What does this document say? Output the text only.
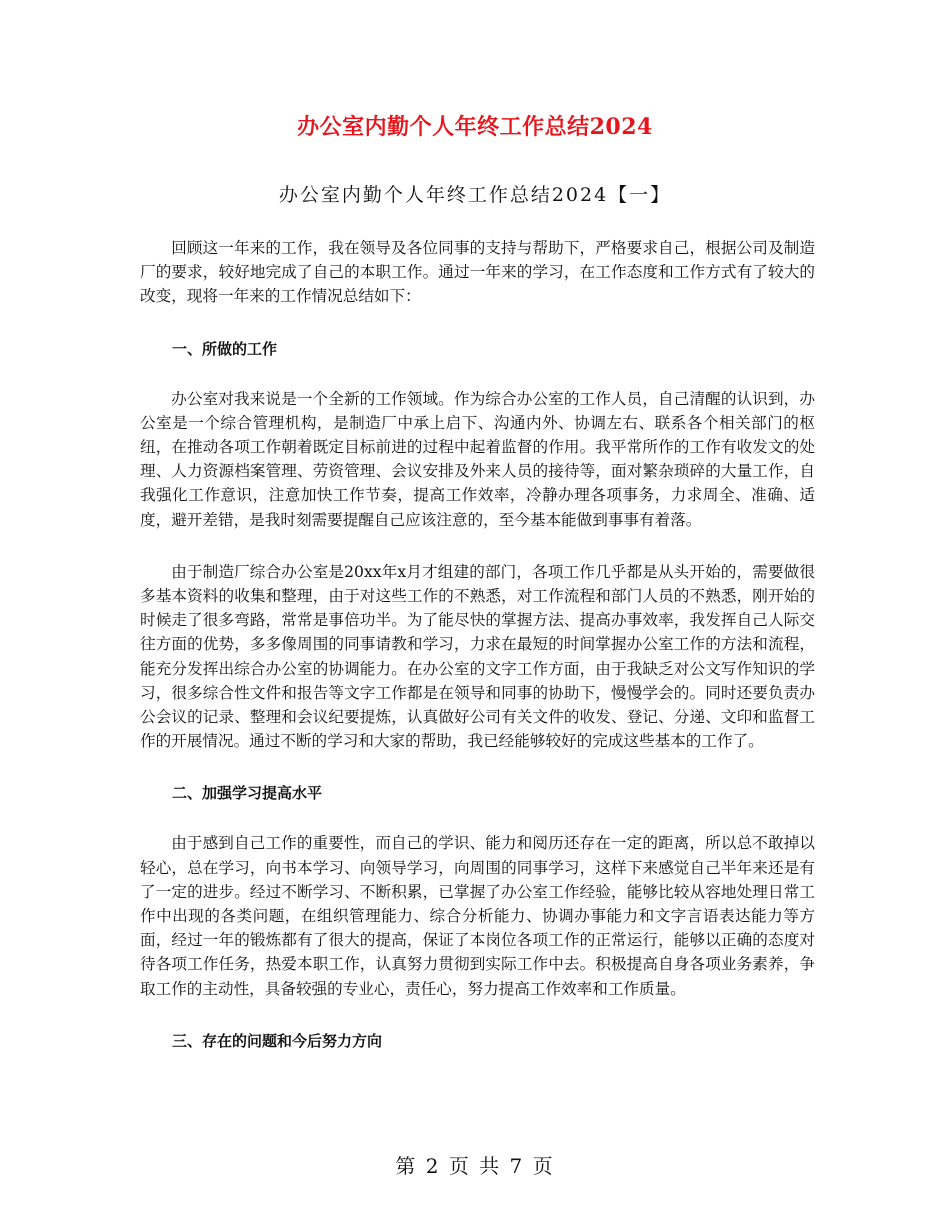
办公室内勤个人年终工作总结2024
办公室内勤个人年终工作总结2024【一】

回顾这一年来的工作，我在领导及各位同事的支持与帮助下，严格要求自己，根据公司及制造厂的要求，较好地完成了自己的本职工作。通过一年来的学习，在工作态度和工作方式有了较大的改变，现将一年来的工作情况总结如下：

一、所做的工作

办公室对我来说是一个全新的工作领域。作为综合办公室的工作人员，自己清醒的认识到，办公室是一个综合管理机构，是制造厂中承上启下、沟通内外、协调左右、联系各个相关部门的枢纽，在推动各项工作朝着既定目标前进的过程中起着监督的作用。我平常所作的工作有收发文的处理、人力资源档案管理、劳资管理、会议安排及外来人员的接待等，面对繁杂琐碎的大量工作，自我强化工作意识，注意加快工作节奏，提高工作效率，冷静办理各项事务，力求周全、准确、适度，避开差错，是我时刻需要提醒自己应该注意的，至今基本能做到事事有着落。

由于制造厂综合办公室是20xx年x月才组建的部门，各项工作几乎都是从头开始的，需要做很多基本资料的收集和整理，由于对这些工作的不熟悉，对工作流程和部门人员的不熟悉，刚开始的时候走了很多弯路，常常是事倍功半。为了能尽快的掌握方法、提高办事效率，我发挥自己人际交往方面的优势，多多像周围的同事请教和学习，力求在最短的时间掌握办公室工作的方法和流程，能充分发挥出综合办公室的协调能力。在办公室的文字工作方面，由于我缺乏对公文写作知识的学习，很多综合性文件和报告等文字工作都是在领导和同事的协助下，慢慢学会的。同时还要负责办公会议的记录、整理和会议纪要提炼，认真做好公司有关文件的收发、登记、分递、文印和监督工作的开展情况。通过不断的学习和大家的帮助，我已经能够较好的完成这些基本的工作了。

二、加强学习提高水平

由于感到自己工作的重要性，而自己的学识、能力和阅历还存在一定的距离，所以总不敢掉以轻心，总在学习，向书本学习、向领导学习，向周围的同事学习，这样下来感觉自己半年来还是有了一定的进步。经过不断学习、不断积累，已掌握了办公室工作经验，能够比较从容地处理日常工作中出现的各类问题，在组织管理能力、综合分析能力、协调办事能力和文字言语表达能力等方面，经过一年的锻炼都有了很大的提高，保证了本岗位各项工作的正常运行，能够以正确的态度对待各项工作任务，热爱本职工作，认真努力贯彻到实际工作中去。积极提高自身各项业务素养，争取工作的主动性，具备较强的专业心，责任心，努力提高工作效率和工作质量。

三、存在的问题和今后努力方向
第 2 页 共 7 页
